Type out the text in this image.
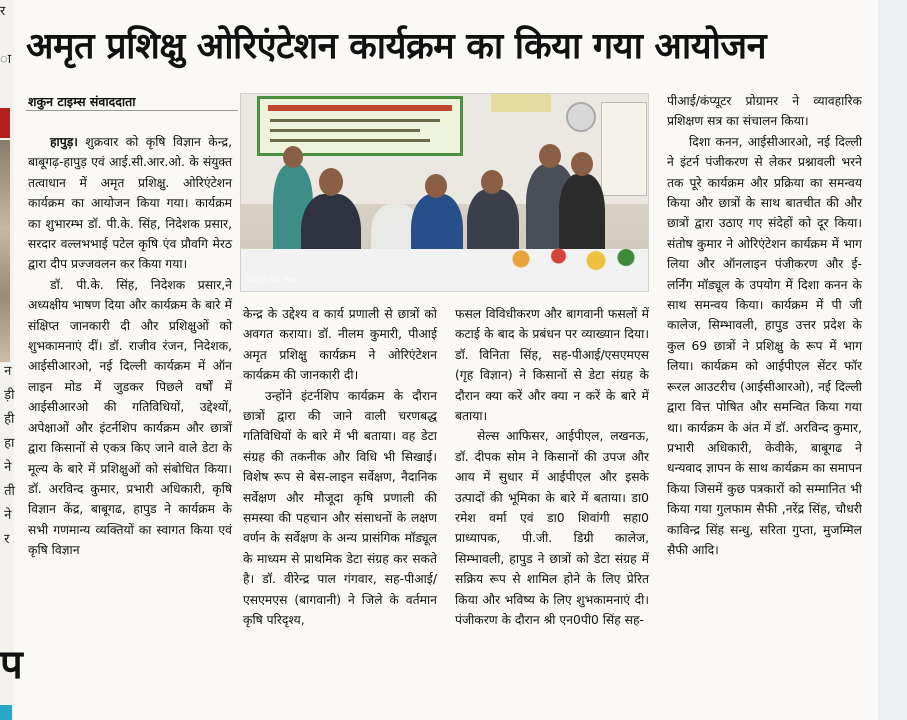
र

ा

न
ड़ी
ही
हा
ने
ती
ने
र
प
अमृत प्रशिक्षु ओरिएंटेशन कार्यक्रम का किया गया आयोजन
शकुन टाइम्स संवाददाता

हापुड़। शुक्रवार को कृषि विज्ञान केन्द्र, बाबूगढ़-हापुड़ एवं आई.सी.आर.ओ. के संयुक्त तत्वाधान में अमृत प्रशिक्षु. ओरिएंटेशन कार्यक्रम का आयोजन किया गया। कार्यक्रम का शुभारम्भ डॉ. पी.के. सिंह, निदेशक प्रसार, सरदार वल्लभभाई पटेल कृषि एंव प्रौवगि मेरठ द्वारा दीप प्रज्जवलन कर किया गया।

डॉ. पी.के. सिंह, निदेशक प्रसार,ने अध्यक्षीय भाषण दिया और कार्यक्रम के बारे में संक्षिप्त जानकारी दी और प्रशिक्षुओं को शुभकामनाएं दीं। डॉ. राजीव रंजन, निदेशक, आईसीआरओ, नई दिल्ली कार्यक्रम में ऑन लाइन मोड में जुडकर पिछले वर्षों में आईसीआरओ की गतिविधियों, उद्देश्यों, अपेक्षाओं और इंटर्नशिप कार्यक्रम और छात्रों द्वारा किसानों से एकत्र किए जाने वाले डेटा के मूल्य के बारे में प्रशिक्षुओं को संबोधित किया। डॉ. अरविन्द कुमार, प्रभारी अधिकारी, कृषि विज्ञान केंद्र, बाबूगढ, हापुड ने कार्यक्रम के सभी गणमान्य व्यक्तियों का स्वागत किया एवं कृषि विज्ञान

OPPO F21 Pro

केन्द्र के उद्देश्य व कार्य प्रणाली से छात्रों को अवगत कराया। डॉ. नीलम कुमारी, पीआई अमृत प्रशिक्षु कार्यक्रम ने ओरिएंटेशन कार्यक्रम की जानकारी दी।

उन्होंने इंटर्नशिप कार्यक्रम के दौरान छात्रों द्वारा की जाने वाली चरणबद्ध गतिविधियों के बारे में भी बताया। वह डेटा संग्रह की तकनीक और विधि भी सिखाई। विशेष रूप से बेस-लाइन सर्वेक्षण, नैदानिक सर्वेक्षण और मौजूदा कृषि प्रणाली की समस्या की पहचान और संसाधनों के लक्षण वर्णन के सर्वेक्षण के अन्य प्रासंगिक मॉड्यूल के माध्यम से प्राथमिक डेटा संग्रह कर सकते है। डॉ. वीरेन्द्र पाल गंगवार, सह-पीआई/एसएमएस (बागवानी) ने जिले के वर्तमान कृषि परिदृश्य,

फसल विविधीकरण और बागवानी फसलों में कटाई के बाद के प्रबंधन पर व्याख्यान दिया। डॉ. विनिता सिंह, सह-पीआई/एसएमएस (गृह विज्ञान) ने किसानों से डेटा संग्रह के दौरान क्या करें और क्या न करें के बारे में बताया।

सेल्स आफिसर, आईपीएल, लखनऊ, डॉ. दीपक सोम ने किसानों की उपज और आय में सुधार में आईपीएल और इसके उत्पादों की भूमिका के बारे में बताया। डा0 रमेश वर्मा एवं डा0 शिवांगी सहा0 प्राध्यापक, पी.जी. डिग्री कालेज, सिम्भावली, हापुड ने छात्रों को डेटा संग्रह में सक्रिय रूप से शामिल होने के लिए प्रेरित किया और भविष्य के लिए शुभकामनाएं दी। पंजीकरण के दौरान श्री एन0पी0 सिंह सह-

पीआई/कंप्यूटर प्रोग्रामर ने व्यावहारिक प्रशिक्षण सत्र का संचालन किया।

दिशा कनन, आईसीआरओ, नई दिल्ली ने इंटर्न पंजीकरण से लेकर प्रश्नावली भरने तक पूरे कार्यक्रम और प्रक्रिया का समन्वय किया और छात्रों के साथ बातचीत की और छात्रों द्वारा उठाए गए संदेहों को दूर किया। संतोष कुमार ने ओरिएंटेशन कार्यक्रम में भाग लिया और ऑनलाइन पंजीकरण और ई-लर्निंग मॉड्यूल के उपयोग में दिशा कनन के साथ समन्वय किया। कार्यक्रम में पी जी कालेज, सिम्भावली, हापुड उत्तर प्रदेश के कुल 69 छात्रों ने प्रशिक्षु के रूप में भाग लिया। कार्यक्रम को आईपीएल सेंटर फॉर रूरल आउटरीच (आईसीआरओ), नई दिल्ली द्वारा वित्त पोषित और समन्वित किया गया था। कार्यक्रम के अंत में डॉ. अरविन्द कुमार, प्रभारी अधिकारी, केवीके, बाबूगढ ने धन्यवाद ज्ञापन के साथ कार्यक्रम का समापन किया जिसमें कुछ पत्रकारों को सम्मानित भी किया गया गुलफाम सैफी ,नरेंद्र सिंह, चौधरी काविन्द्र सिंह सन्धु, सरिता गुप्ता, मुजम्मिल सैफी आदि।
